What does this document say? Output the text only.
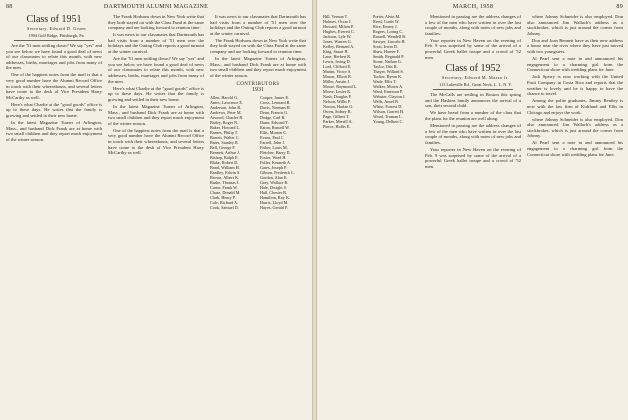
88	DARTMOUTH ALUMNI MAGAZINE
Class of 1951

Secretary, Edward D. Gruen

1904 Golf Ridge, Pittsburgh, Pa.

Are the '51 men settling down? We say "yes" and you see below we have found a good deal of news of our classmates to relate this month, with new addresses, births, marriages and jobs from many of the men.

One of the happiest notes from the mail is that a very good number have the Alumni Record Office in touch with their whereabouts, and several letters have come to the desk of Vice President Harry McCarthy as well.

Here's what Charlie at the "good goods" office is up to these days. He writes that the family is growing and settled in their new home.

In the latest Magazine Turner of Arlington, Mass., and husband Dick Frank are at home with two small children and they report much enjoyment of the winter season.

The Frank Hodsons down in New York write that they both stayed on with the Class Fund at the same company and are looking forward to reunion time.

It was news to our classmates that Dartmouth has had visits from a number of '51 men over the holidays and the Outing Club reports a good turnout at the winter carnival.

Are the '51 men settling down? We say "yes" and you see below we have found a good deal of news of our classmates to relate this month, with new addresses, births, marriages and jobs from many of the men.

Here's what Charlie at the "good goods" office is up to these days. He writes that the family is growing and settled in their new home.

In the latest Magazine Turner of Arlington, Mass., and husband Dick Frank are at home with two small children and they report much enjoyment of the winter season.

One of the happiest notes from the mail is that a very good number have the Alumni Record Office in touch with their whereabouts, and several letters have come to the desk of Vice President Harry McCarthy as well.

It was news to our classmates that Dartmouth has had visits from a number of '51 men over the holidays and the Outing Club reports a good turnout at the winter carnival.

The Frank Hodsons down in New York write that they both stayed on with the Class Fund at the same company and are looking forward to reunion time.

In the latest Magazine Turner of Arlington, Mass., and husband Dick Frank are at home with two small children and they report much enjoyment of the winter season.

CONTRIBUTORS
1931
Allen, Harold G.
Ames, Lawrence E.
Anderson, John R.
Andrews, Peter M.
Atwood, Charles B.
Bailey, Roger N.
Baker, Howard L.
Barnes, Philip T.
Barrett, Walter C.
Bates, Stanley R.
Bell, George F.
Bennett, Arthur J.
Bishop, Ralph E.
Blake, Robert D.
Bond, William H.
Bradley, Edwin S.
Brown, Albert K.
Burke, Thomas J.
Carter, Frank W.
Chase, Donald M.
Clark, Henry P.
Cole, Richard A.
Cook, Samuel D.
Cooper, James E.
Cross, Leonard B.
Davis, Norman H.
Dean, Francis G.
Dodge, Carl R.
Dunn, Edward T.
Eaton, Russell W.
Ellis, Morton C.
Evans, Paul J.
Farrell, John J.
Fisher, Louis M.
Fletcher, Harry D.
Foster, Ward H.
Fuller, Kenneth A.
Gates, Joseph P.
Gibson, Frederick L.
Gordon, Alan E.
Gray, Wallace R.
Hale, Dwight S.
Hall, Chester B.
Hamilton, Roy K.
Harris, Lloyd M.
Hayes, Gerald F.
MARCH, 1958	89
Hill, Vernon T.
Holmes, Oscar J.
Howard, Milton P.
Hughes, Everett C.
Jackson, Lyle W.
Jones, Warren G.
Kelley, Bernard A.
King, Stuart H.
Lane, Herbert R.
Lewis, Irving D.
Lord, Clifford E.
Martin, Victor S.
Mason, Elliott B.
Miller, Austin J.
Moore, Raymond L.
Morse, Lester K.
Nash, Douglas F.
Nelson, Willis P.
Norton, Harlan G.
Owen, Sidney R.
Page, Gilbert T.
Parker, Merrill A.
Pierce, Hollis E.
Porter, Alvin M.
Reed, Curtis W.
Rice, Emery J.
Rogers, Loring C.
Russell, Wendell B.
Sawyer, Lincoln H.
Scott, Irwin D.
Shaw, Homer F.
Smith, Reginald P.
Stone, Nathan G.
Taylor, Otis R.
Thayer, Willard S.
Tucker, Byron K.
Wade, Ellis T.
Walker, Morris A.
Ward, Emerson P.
Webster, Clayton J.
Wells, Ansel B.
White, Forrest D.
Wilson, Garrett H.
Wood, Truman L.
Young, Delbert C.

Mentioned in passing are the address changes of a few of the men who have written in over the last couple of months, along with notes of new jobs and families.

Your reporter in New Haven on the evening of Feb. 9 was surprised by some of the arrival of a powerful Greek ballet troupe and a crowd of '52 men.

Class of 1952

Secretary, Edward M. Mazza Jr.

113 Lakeville Rd., Great Neck, L. I., N. Y.

The McCalls are settling in Boston this spring and the Haskins family announces the arrival of a son, their second child.

We have heard from a number of the class that the plans for the reunion are well along.

Mentioned in passing are the address changes of a few of the men who have written in over the last couple of months, along with notes of new jobs and families.

Your reporter in New Haven on the evening of Feb. 9 was surprised by some of the arrival of a powerful Greek ballet troupe and a crowd of '52 men.

where Johnny Schneider is also employed. Don also announced Jim Wallach's address as a stockbroker, which is just around the corner from Johnny.

Don and Joan Bennett have as their new address a house near the river where they have just moved with two youngsters.

Al Pearl sent a note in and announced his engagement to a charming girl from the Connecticut shore with wedding plans for June.

Jack Sperry is now working with the United Fruit Company in Costa Rica and reports that the weather is lovely and he is happy to have the chance to travel.

Among the polite graduates, Jimmy Bentley is now with the law firm of Kirkland and Ellis in Chicago and enjoys the work.

where Johnny Schneider is also employed. Don also announced Jim Wallach's address as a stockbroker, which is just around the corner from Johnny.

Al Pearl sent a note in and announced his engagement to a charming girl from the Connecticut shore with wedding plans for June.
